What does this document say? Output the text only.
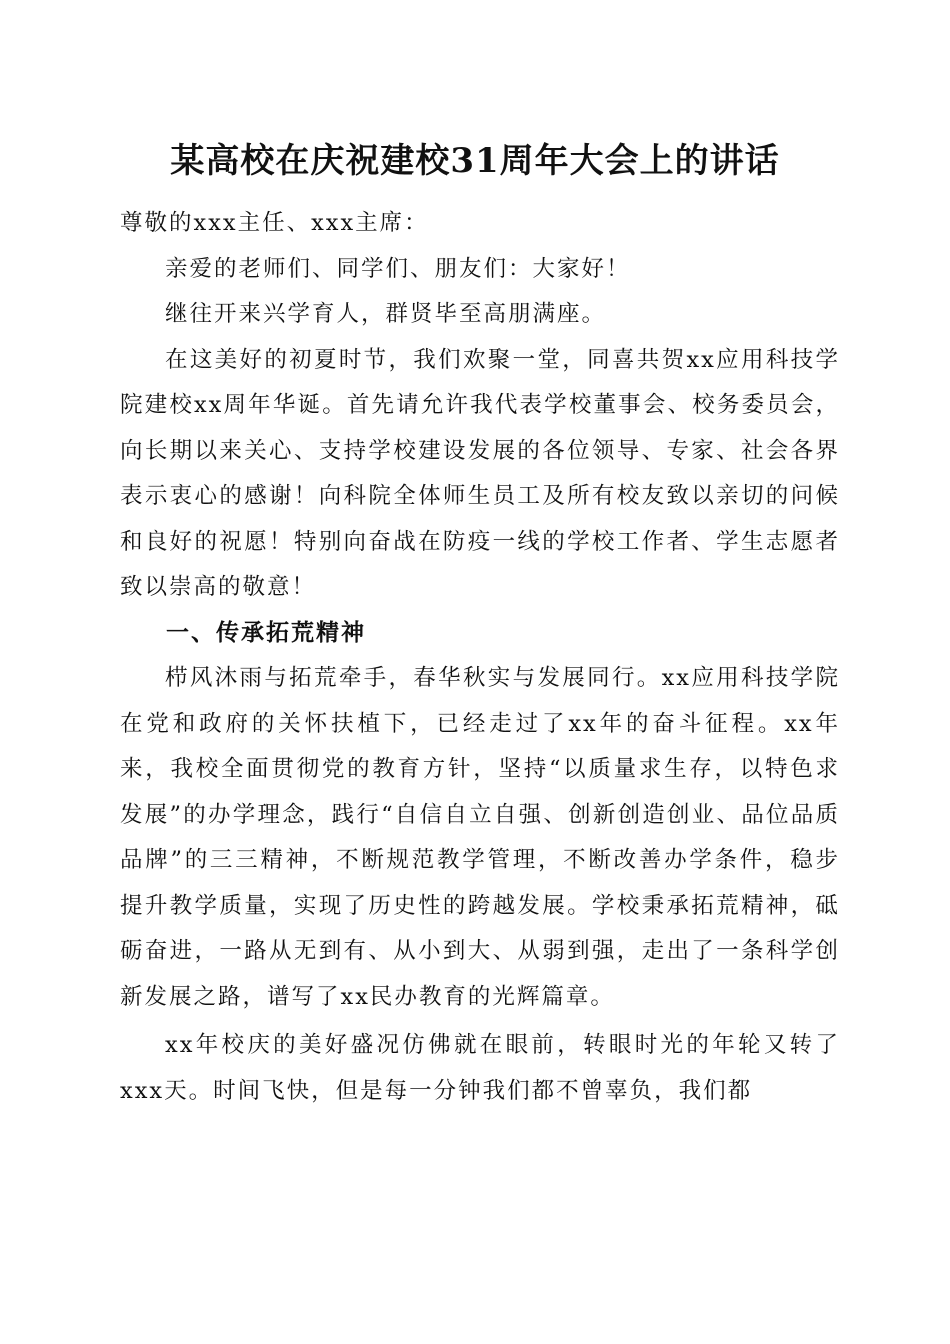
某高校在庆祝建校31周年大会上的讲话

尊敬的xxx主任、xxx主席：

亲爱的老师们、同学们、朋友们：大家好！

继往开来兴学育人，群贤毕至高朋满座。

在这美好的初夏时节，我们欢聚一堂，同喜共贺xx应用科技学院建校xx周年华诞。首先请允许我代表学校董事会、校务委员会，向长期以来关心、支持学校建设发展的各位领导、专家、社会各界表示衷心的感谢！向科院全体师生员工及所有校友致以亲切的问候和良好的祝愿！特别向奋战在防疫一线的学校工作者、学生志愿者致以崇高的敬意！

一、传承拓荒精神

栉风沐雨与拓荒牵手，春华秋实与发展同行。xx应用科技学院在党和政府的关怀扶植下，已经走过了xx年的奋斗征程。xx年来，我校全面贯彻党的教育方针，坚持“以质量求生存，以特色求发展”的办学理念，践行“自信自立自强、创新创造创业、品位品质品牌”的三三精神，不断规范教学管理，不断改善办学条件，稳步提升教学质量，实现了历史性的跨越发展。学校秉承拓荒精神，砥砺奋进，一路从无到有、从小到大、从弱到强，走出了一条科学创新发展之路，谱写了xx民办教育的光辉篇章。

xx年校庆的美好盛况仿佛就在眼前，转眼时光的年轮又转了xxx天。时间飞快，但是每一分钟我们都不曾辜负，我们都
